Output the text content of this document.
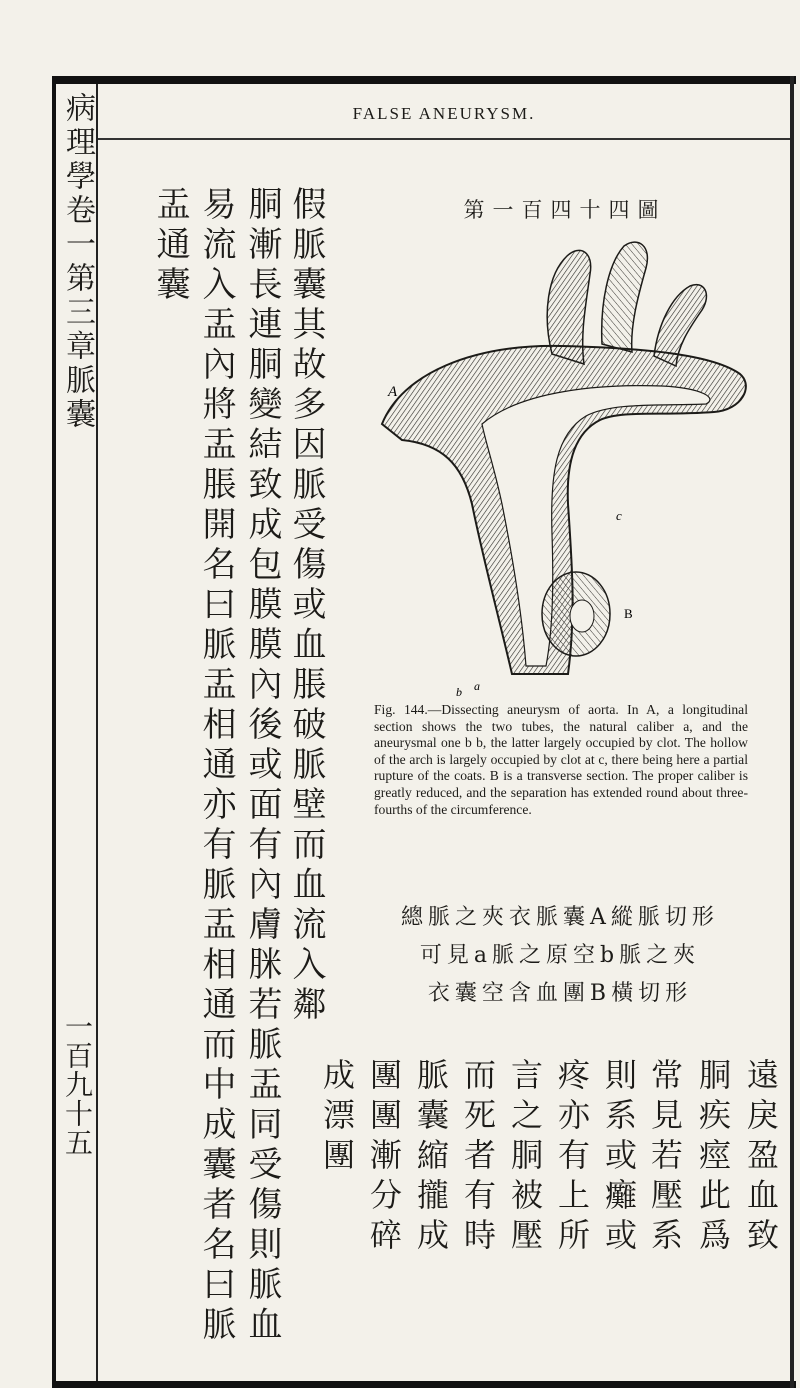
病理學卷一第三章脈囊
一百九十五
FALSE ANEURYSM.
假脈囊其故多因脈受傷或血脹破脈壁而血流入鄰
胴漸長連胴變結致成包膜膜內後或面有內膚脒若脈盂同受傷則脈血
易流入盂內將盂脹開名曰脈盂相通亦有脈盂相通而中成囊者名曰脈
盂通囊	第一百四十四圖
A
c
B
b a
Fig. 144.—Dissecting aneurysm of aorta. In A, a longitudinal section shows the two tubes, the natural caliber a, and the aneurysmal one b b, the latter largely occupied by clot. The hollow of the arch is largely occupied by clot at c, there being here a partial rupture of the coats. B is a transverse section. The proper caliber is greatly reduced, and the separation has extended round about three-fourths of the circumference.
總脈之夾衣脈囊A縱脈切形
可見a脈之原空b脈之夾
衣囊空含血團B橫切形
遠戾盈血致
胴疾痙此爲
常見若壓系
則系或癱或
疼亦有上所
言之胴被壓
而死者有時
脈囊縮攏成
團團漸分碎
成漂團
